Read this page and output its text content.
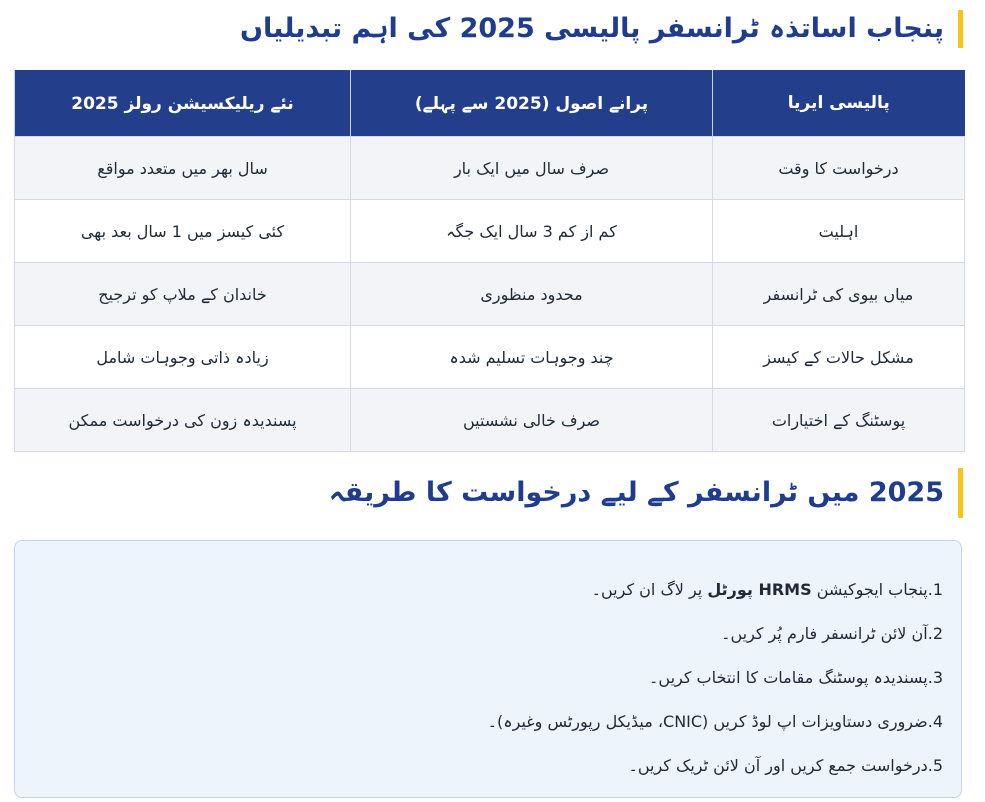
پنجاب اساتذہ ٹرانسفر پالیسی 2025 کی اہم تبدیلیاں
پالیسی ایریا	پرانے اصول (2025 سے پہلے)	نئے ریلیکسیشن رولز 2025
درخواست کا وقت	صرف سال میں ایک بار	سال بھر میں متعدد مواقع
اہلیت	کم از کم 3 سال ایک جگہ	کئی کیسز میں 1 سال بعد بھی
میاں بیوی کی ٹرانسفر	محدود منظوری	خاندان کے ملاپ کو ترجیح
مشکل حالات کے کیسز	چند وجوہات تسلیم شدہ	زیادہ ذاتی وجوہات شامل
پوسٹنگ کے اختیارات	صرف خالی نشستیں	پسندیدہ زون کی درخواست ممکن
2025 میں ٹرانسفر کے لیے درخواست کا طریقہ
1.پنجاب ایجوکیشن HRMS پورٹل پر لاگ ان کریں۔
2.آن لائن ٹرانسفر فارم پُر کریں۔
3.پسندیدہ پوسٹنگ مقامات کا انتخاب کریں۔
4.ضروری دستاویزات اپ لوڈ کریں (CNIC، میڈیکل رپورٹس وغیرہ)۔
5.درخواست جمع کریں اور آن لائن ٹریک کریں۔
